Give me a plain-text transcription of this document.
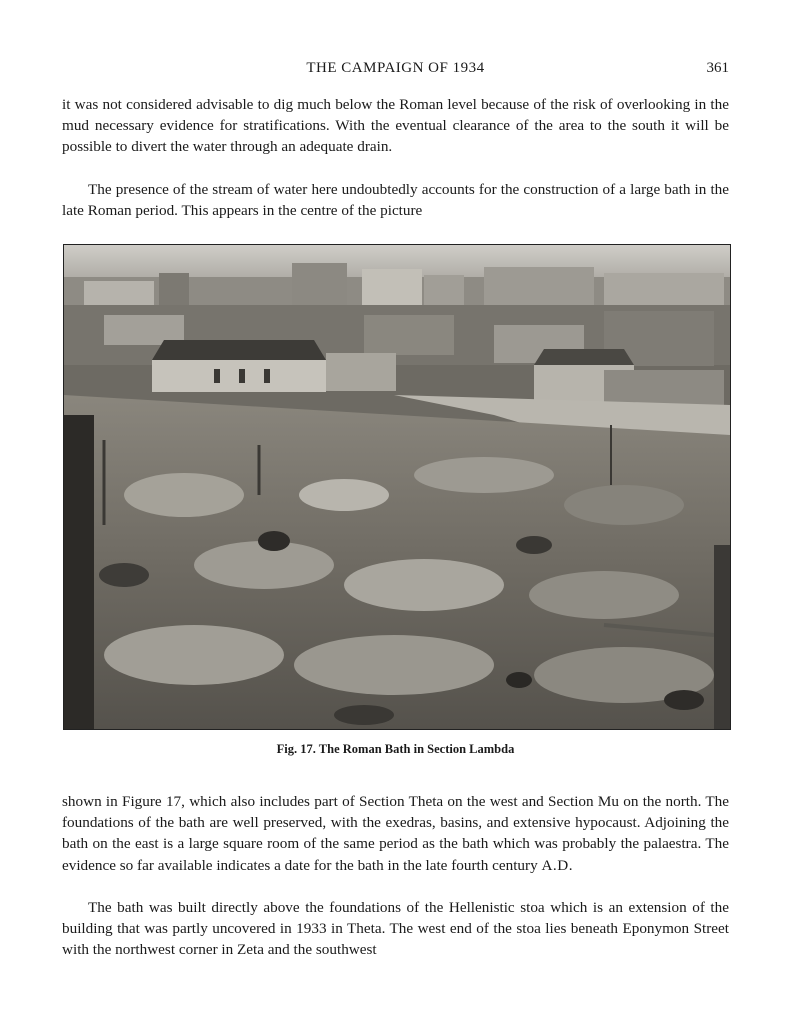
THE CAMPAIGN OF 1934	361

it was not considered advisable to dig much below the Roman level because of the risk of overlooking in the mud necessary evidence for stratifications. With the eventual clearance of the area to the south it will be possible to divert the water through an adequate drain.

The presence of the stream of water here undoubtedly accounts for the construction of a large bath in the late Roman period. This appears in the centre of the picture

Fig. 17. The Roman Bath in Section Lambda

shown in Figure 17, which also includes part of Section Theta on the west and Section Mu on the north. The foundations of the bath are well preserved, with the exedras, basins, and extensive hypocaust. Adjoining the bath on the east is a large square room of the same period as the bath which was probably the palaestra. The evidence so far available indicates a date for the bath in the late fourth century A.D.

The bath was built directly above the foundations of the Hellenistic stoa which is an extension of the building that was partly uncovered in 1933 in Theta. The west end of the stoa lies beneath Eponymon Street with the northwest corner in Zeta and the southwest
